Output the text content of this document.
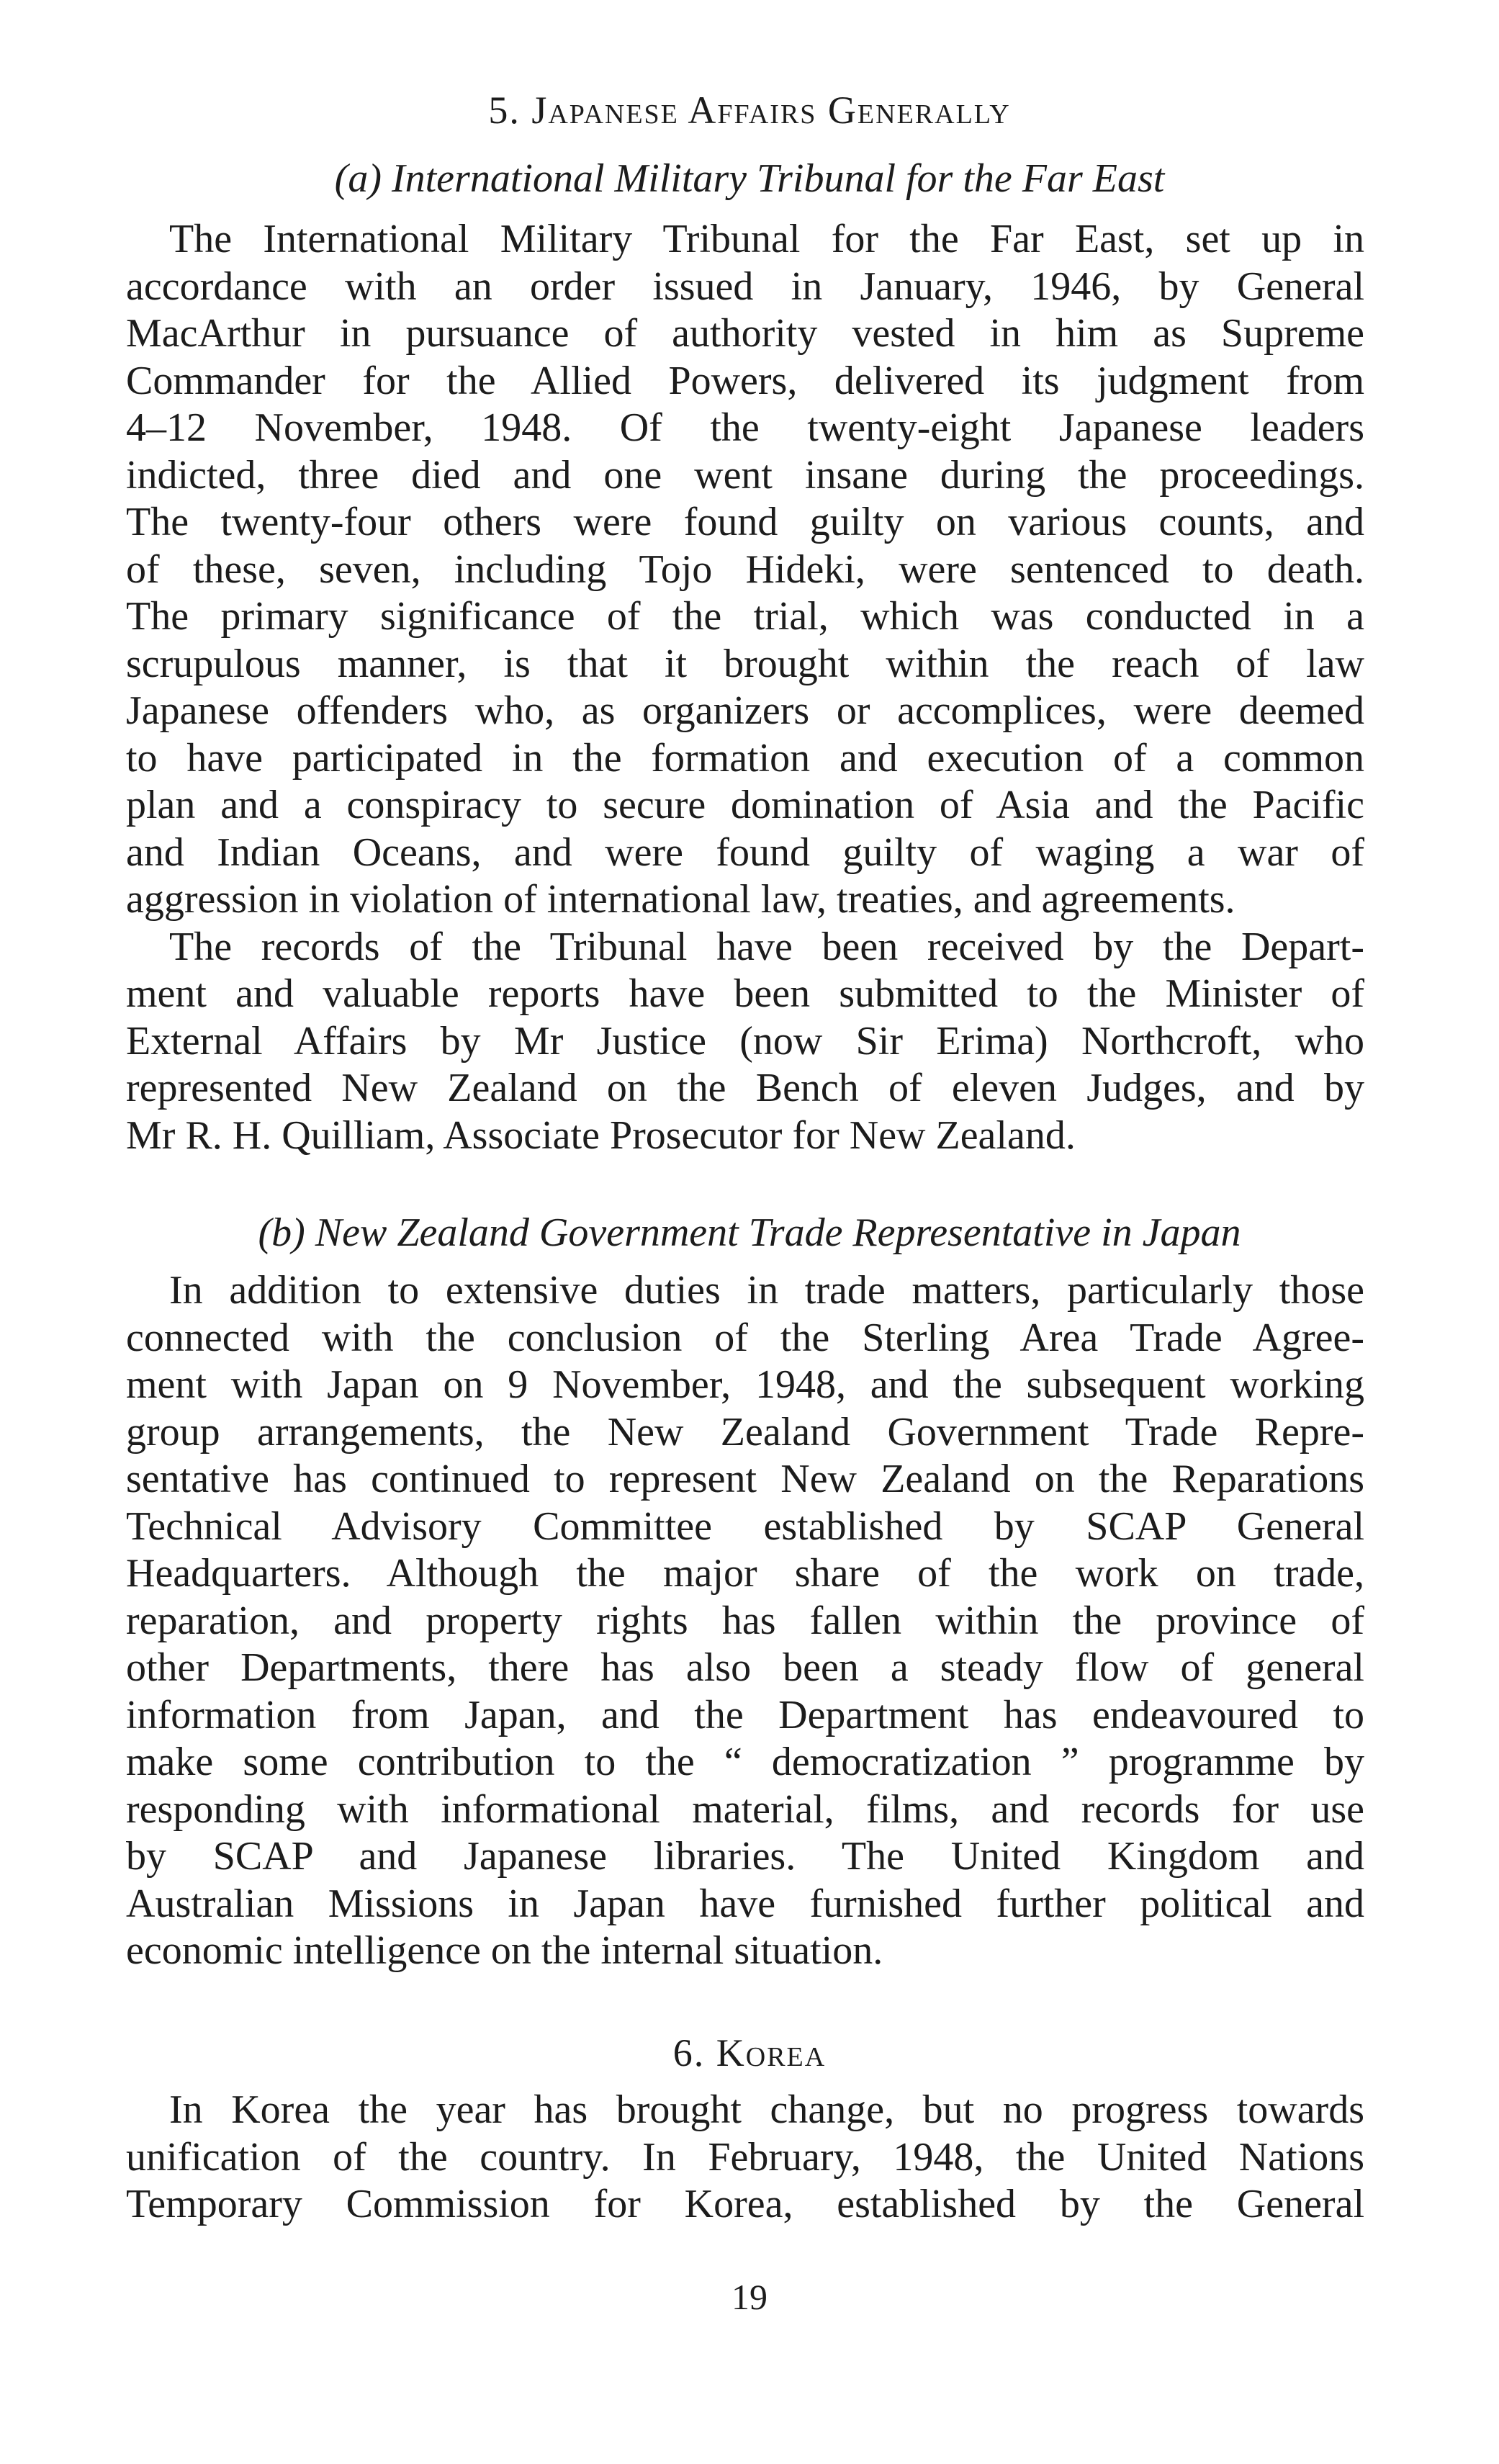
5. Japanese Affairs Generally
(a) International Military Tribunal for the Far East
The International Military Tribunal for the Far East, set up in
accordance with an order issued in January, 1946, by General
MacArthur in pursuance of authority vested in him as Supreme
Commander for the Allied Powers, delivered its judgment from
4–12 November, 1948. Of the twenty-eight Japanese leaders
indicted, three died and one went insane during the proceedings.
The twenty-four others were found guilty on various counts, and
of these, seven, including Tojo Hideki, were sentenced to death.
The primary significance of the trial, which was conducted in a
scrupulous manner, is that it brought within the reach of law
Japanese offenders who, as organizers or accomplices, were deemed
to have participated in the formation and execution of a common
plan and a conspiracy to secure domination of Asia and the Pacific
and Indian Oceans, and were found guilty of waging a war of
aggression in violation of international law, treaties, and agreements.
The records of the Tribunal have been received by the Depart-
ment and valuable reports have been submitted to the Minister of
External Affairs by Mr Justice (now Sir Erima) Northcroft, who
represented New Zealand on the Bench of eleven Judges, and by
Mr R. H. Quilliam, Associate Prosecutor for New Zealand.
(b) New Zealand Government Trade Representative in Japan
In addition to extensive duties in trade matters, particularly those
connected with the conclusion of the Sterling Area Trade Agree-
ment with Japan on 9 November, 1948, and the subsequent working
group arrangements, the New Zealand Government Trade Repre-
sentative has continued to represent New Zealand on the Reparations
Technical Advisory Committee established by SCAP General
Headquarters. Although the major share of the work on trade,
reparation, and property rights has fallen within the province of
other Departments, there has also been a steady flow of general
information from Japan, and the Department has endeavoured to
make some contribution to the “ democratization ” programme by
responding with informational material, films, and records for use
by SCAP and Japanese libraries. The United Kingdom and
Australian Missions in Japan have furnished further political and
economic intelligence on the internal situation.
6. Korea
In Korea the year has brought change, but no progress towards
unification of the country. In February, 1948, the United Nations
Temporary Commission for Korea, established by the General
19
